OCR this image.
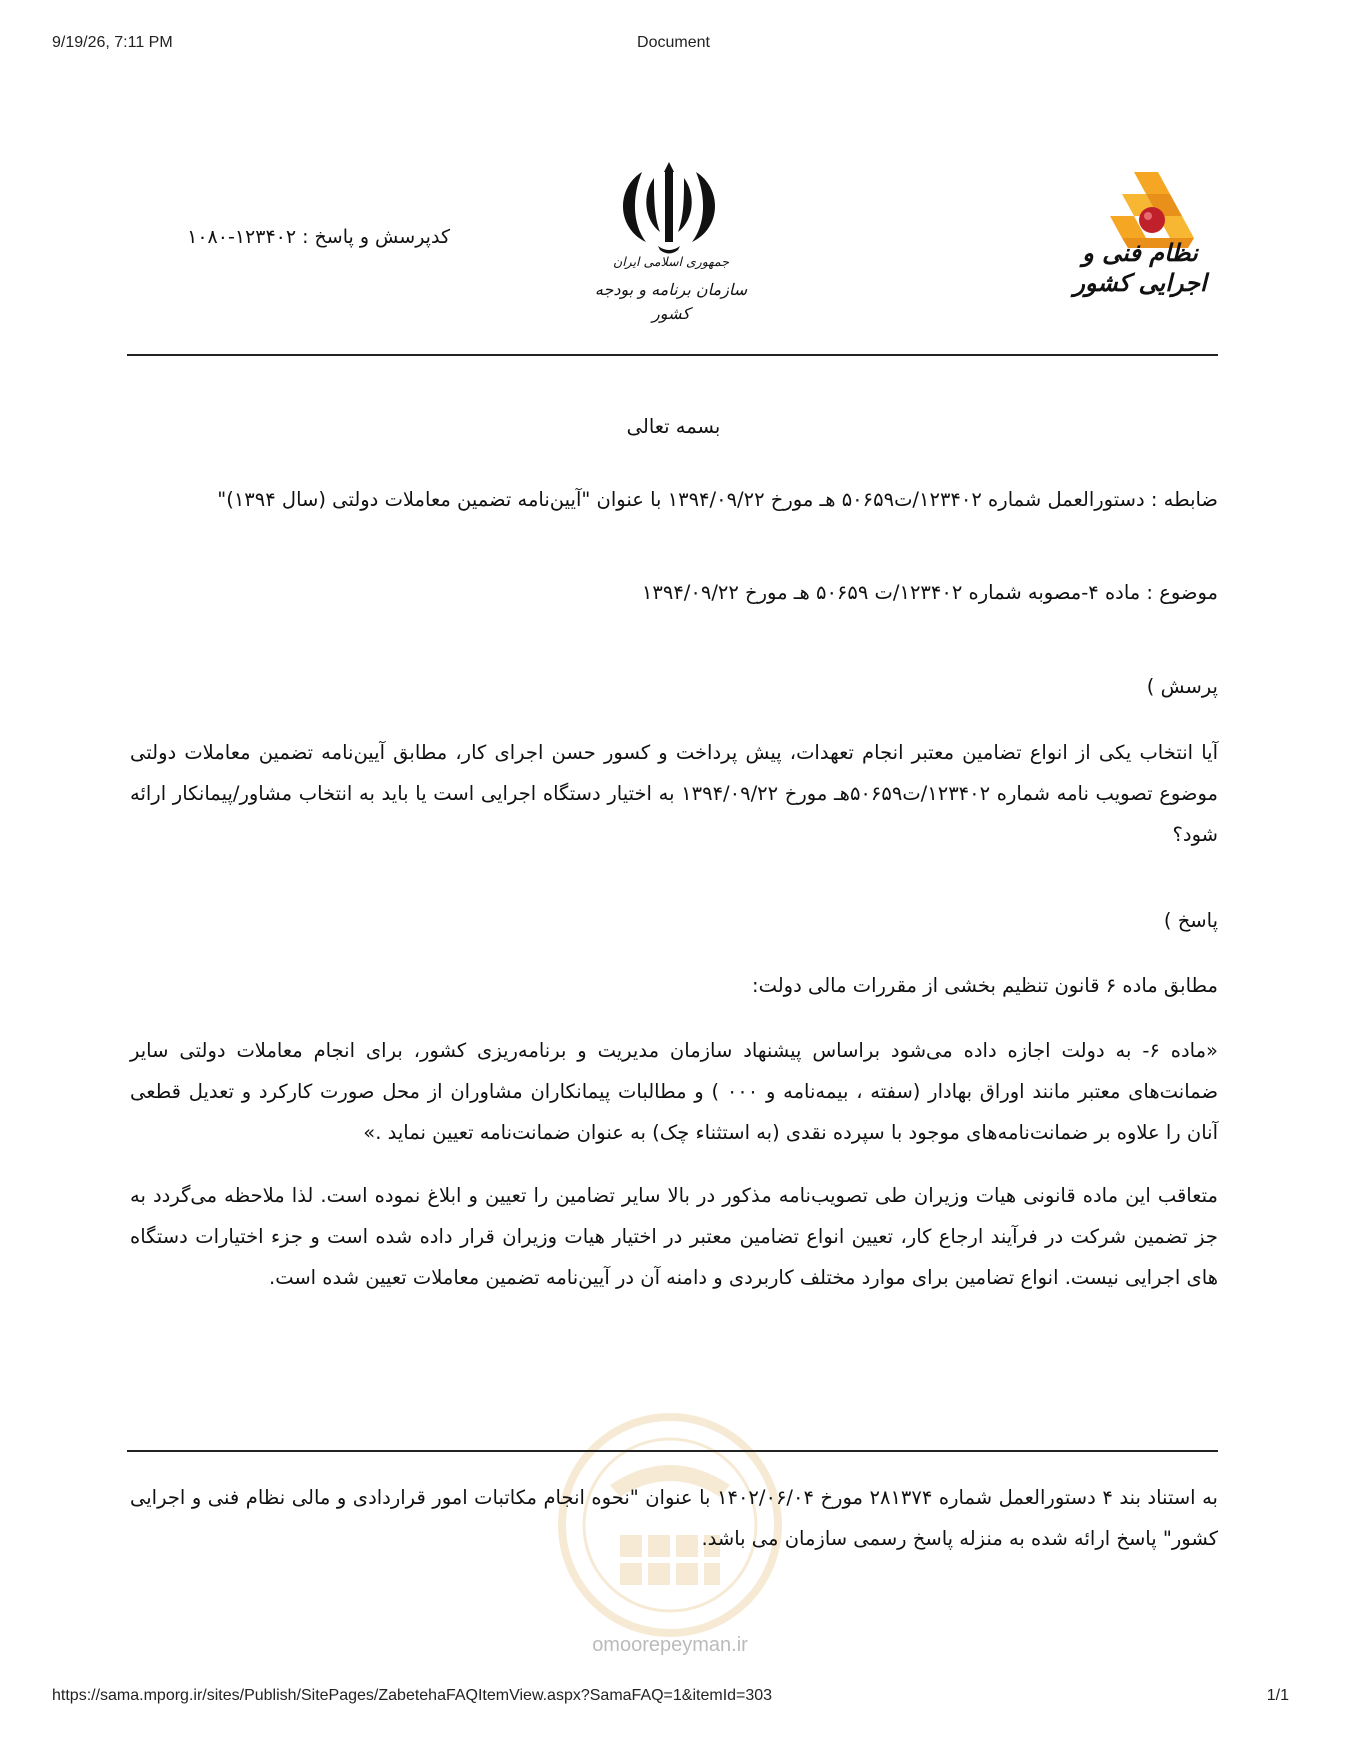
9/19/26, 7:11 PM	Document
نظام فنی و اجرایی کشور
جمهوری اسلامی ایران
سازمان برنامه و بودجه کشور
کدپرسش و پاسخ : ۱۲۳۴۰۲-۱۰۸۰
بسمه تعالی
ضابطه : دستورالعمل شماره ۱۲۳۴۰۲/ت۵۰۶۵۹ هـ مورخ ۱۳۹۴/۰۹/۲۲ با عنوان "آیین‌نامه تضمین معاملات دولتی (سال ۱۳۹۴)"
موضوع : ماده ۴-مصوبه شماره ۱۲۳۴۰۲/ت ۵۰۶۵۹ هـ مورخ ۱۳۹۴/۰۹/۲۲
پرسش )
آیا انتخاب یکی از انواع تضامین معتبر انجام تعهدات، پیش پرداخت و کسور حسن اجرای کار، مطابق آیین‌نامه تضمین معاملات دولتی موضوع تصویب نامه شماره ۱۲۳۴۰۲/ت۵۰۶۵۹هـ مورخ ۱۳۹۴/۰۹/۲۲ به اختیار دستگاه اجرایی است یا باید به انتخاب مشاور/پیمانکار ارائه شود؟
پاسخ )
مطابق ماده ۶ قانون تنظیم بخشی از مقررات مالی دولت:
«ماده ۶- به دولت اجازه داده می‌شود براساس پیشنهاد سازمان مدیریت و برنامه‌ریزی کشور، برای انجام معاملات دولتی سایر ضمانت‌های معتبر مانند اوراق بهادار (سفته ، بیمه‌نامه و ۰۰۰ ) و مطالبات پیمانکاران مشاوران از محل صورت کارکرد و تعدیل قطعی آنان را علاوه بر ضمانت‌نامه‌های موجود با سپرده نقدی (به استثناء چک) به عنوان ضمانت‌نامه تعیین نماید .»
متعاقب این ماده قانونی هیات وزیران طی تصویب‌نامه مذکور در بالا سایر تضامین را تعیین و ابلاغ نموده است. لذا ملاحظه می‌گردد به جز تضمین شرکت در فرآیند ارجاع کار، تعیین انواع تضامین معتبر در اختیار هیات وزیران قرار داده شده است و جزء اختیارات دستگاه های اجرایی نیست. انواع تضامین برای موارد مختلف کاربردی و دامنه آن در آیین‌نامه تضمین معاملات تعیین شده است.
omoorepeyman.ir
به استناد بند ۴ دستورالعمل شماره ۲۸۱۳۷۴ مورخ ۱۴۰۲/۰۶/۰۴ با عنوان "نحوه انجام مکاتبات امور قراردادی و مالی نظام فنی و اجرایی کشور" پاسخ ارائه شده به منزله پاسخ رسمی سازمان می باشد.
https://sama.mporg.ir/sites/Publish/SitePages/ZabetehaFAQItemView.aspx?SamaFAQ=1&itemId=303	1/1
